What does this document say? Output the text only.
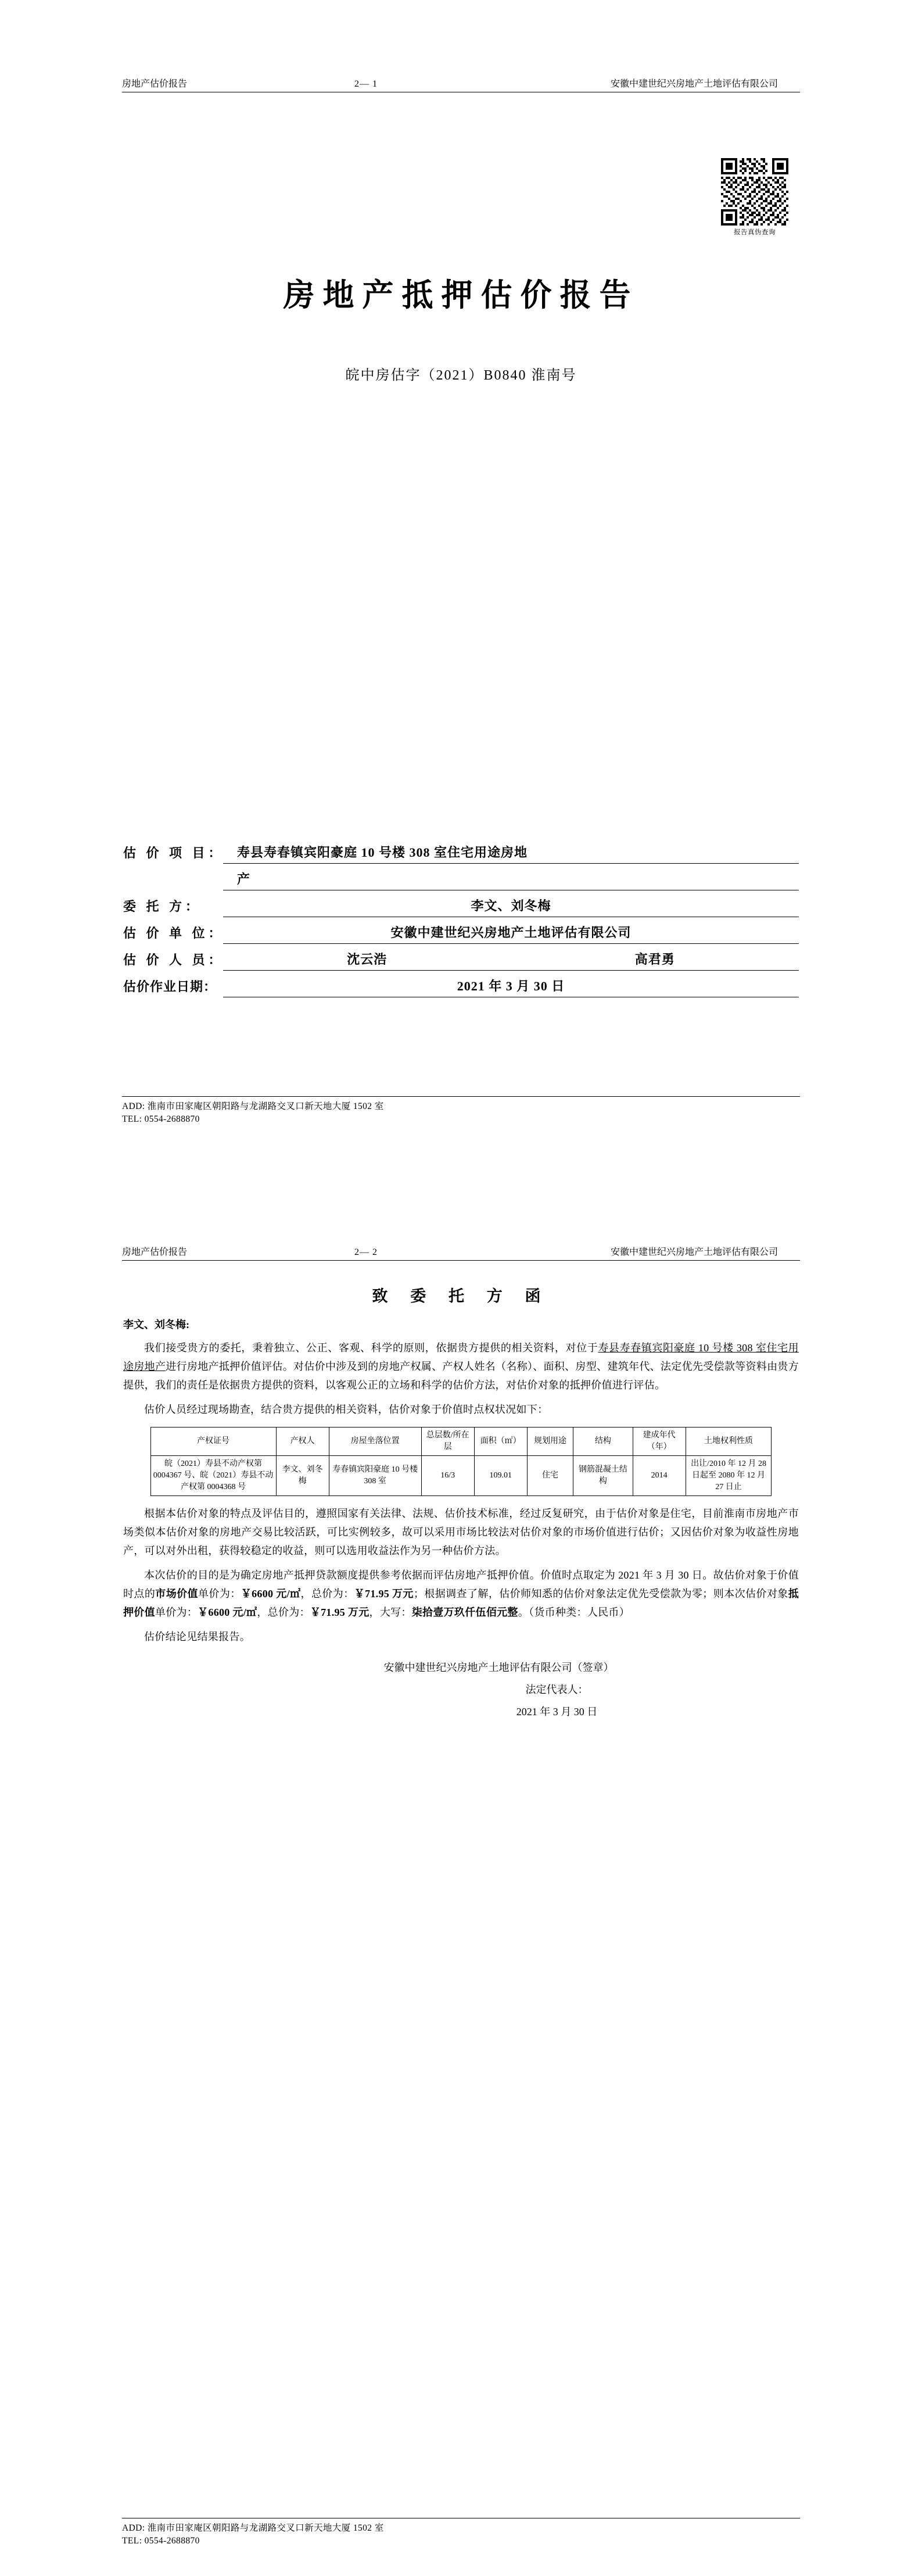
房地产估价报告	2— 1	安徽中建世纪兴房地产土地评估有限公司
报告真伪查询
房地产抵押估价报告
皖中房估字（2021）B0840 淮南号
估 价 项 目： 寿县寿春镇宾阳豪庭 10 号楼 308 室住宅用途房地
产
委 托 方：	李文、刘冬梅
估 价 单 位：	安徽中建世纪兴房地产土地评估有限公司
估 价 人 员：	沈云浩	高君勇
估价作业日期：	2021 年 3 月 30 日
ADD: 淮南市田家庵区朝阳路与龙湖路交叉口新天地大厦 1502 室
TEL: 0554-2688870
房地产估价报告	2— 2	安徽中建世纪兴房地产土地评估有限公司
致 委 托 方 函
李文、刘冬梅:

我们接受贵方的委托，秉着独立、公正、客观、科学的原则，依据贵方提供的相关资料，对位于寿县寿春镇宾阳豪庭 10 号楼 308 室住宅用途房地产进行房地产抵押价值评估。对估价中涉及到的房地产权属、产权人姓名（名称）、面积、房型、建筑年代、法定优先受偿款等资料由贵方提供，我们的责任是依据贵方提供的资料，以客观公正的立场和科学的估价方法，对估价对象的抵押价值进行评估。

估价人员经过现场勘查，结合贵方提供的相关资料，估价对象于价值时点权状况如下：

产权证号	产权人	房屋坐落位置	总层数/所在层	面积（㎡）	规划用途	结构	建成年代（年）	土地权利性质
皖（2021）寿县不动产权第 0004367 号、皖（2021）寿县不动产权第 0004368 号	李文、刘冬梅	寿春镇宾阳豪庭 10 号楼 308 室	16/3	109.01	住宅	钢筋混凝土结构	2014	出让/2010 年 12 月 28 日起至 2080 年 12 月 27 日止

根据本估价对象的特点及评估目的，遵照国家有关法律、法规、估价技术标准，经过反复研究，由于估价对象是住宅，目前淮南市房地产市场类似本估价对象的房地产交易比较活跃，可比实例较多，故可以采用市场比较法对估价对象的市场价值进行估价；又因估价对象为收益性房地产，可以对外出租，获得较稳定的收益，则可以选用收益法作为另一种估价方法。

本次估价的目的是为确定房地产抵押贷款额度提供参考依据而评估房地产抵押价值。价值时点取定为 2021 年 3 月 30 日。故估价对象于价值时点的市场价值单价为：￥6600 元/㎡，总价为：￥71.95 万元；根据调查了解，估价师知悉的估价对象法定优先受偿款为零；则本次估价对象抵押价值单价为：￥6600 元/㎡，总价为：￥71.95 万元，大写：柒拾壹万玖仟伍佰元整。（货币种类：人民币）

估价结论见结果报告。

安徽中建世纪兴房地产土地评估有限公司（签章）
法定代表人：
2021 年 3 月 30 日
ADD: 淮南市田家庵区朝阳路与龙湖路交叉口新天地大厦 1502 室
TEL: 0554-2688870
